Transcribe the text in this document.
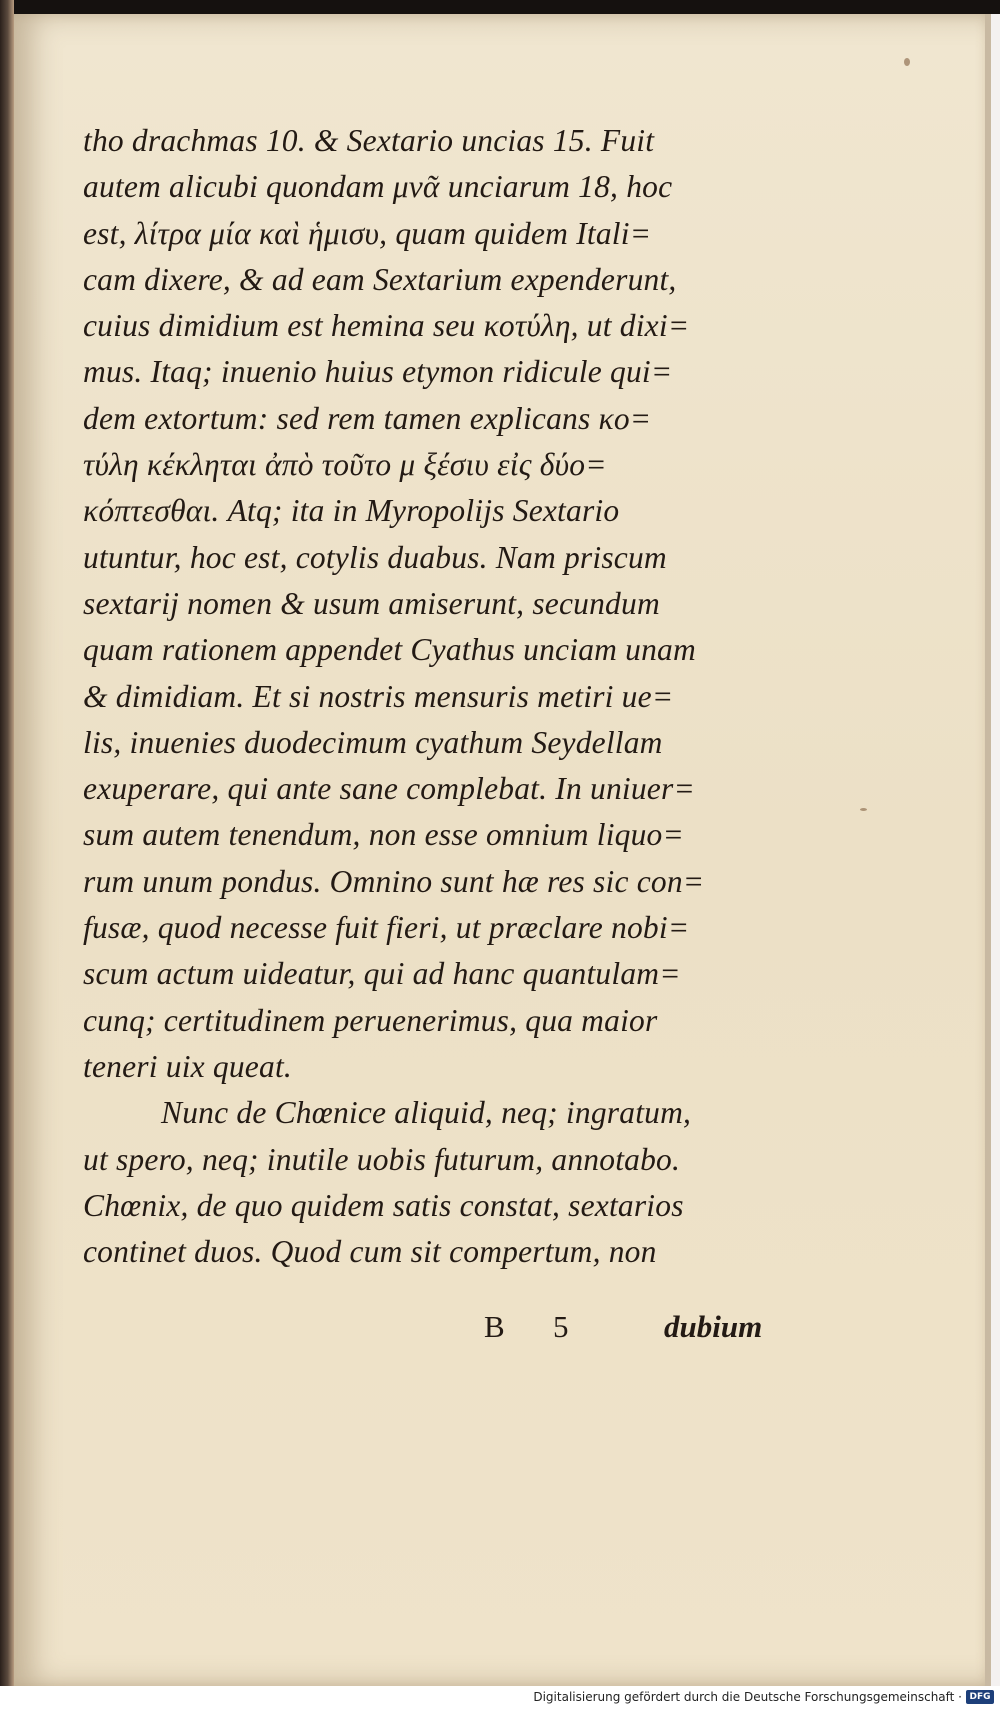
tho drachmas 10. & Sextario uncias 15. Fuit
autem alicubi quondam μνᾶ unciarum 18, hoc
est, λίτρα μία καὶ ἡμισυ, quam quidem Itali=
cam dixere, & ad eam Sextarium expenderunt,
cuius dimidium est hemina seu κοτύλη, ut dixi=
mus. Itaq; inuenio huius etymon ridicule qui=
dem extortum: sed rem tamen explicans κο=
τύλη κέκληται ἀπὸ τοῦτο μ ξέσιυ εἰς δύο=
κόπτεσθαι. Atq; ita in Myropolijs Sextario
utuntur, hoc est, cotylis duabus. Nam priscum
sextarij nomen & usum amiserunt, secundum
quam rationem appendet Cyathus unciam unam
& dimidiam. Et si nostris mensuris metiri ue=
lis, inuenies duodecimum cyathum Seydellam
exuperare, qui ante sane complebat. In uniuer=
sum autem tenendum, non esse omnium liquo=
rum unum pondus. Omnino sunt hæ res sic con=
fusæ, quod necesse fuit fieri, ut præclare nobi=
scum actum uideatur, qui ad hanc quantulam=
cunq; certitudinem peruenerimus, qua maior
teneri uix queat.
Nunc de Chœnice aliquid, neq; ingratum,
ut spero, neq; inutile uobis futurum, annotabo.
Chœnix, de quo quidem satis constat, sextarios
continet duos. Quod cum sit compertum, non
B 5	dubium
Digitalisierung gefördert durch die Deutsche Forschungsgemeinschaft · DFG
